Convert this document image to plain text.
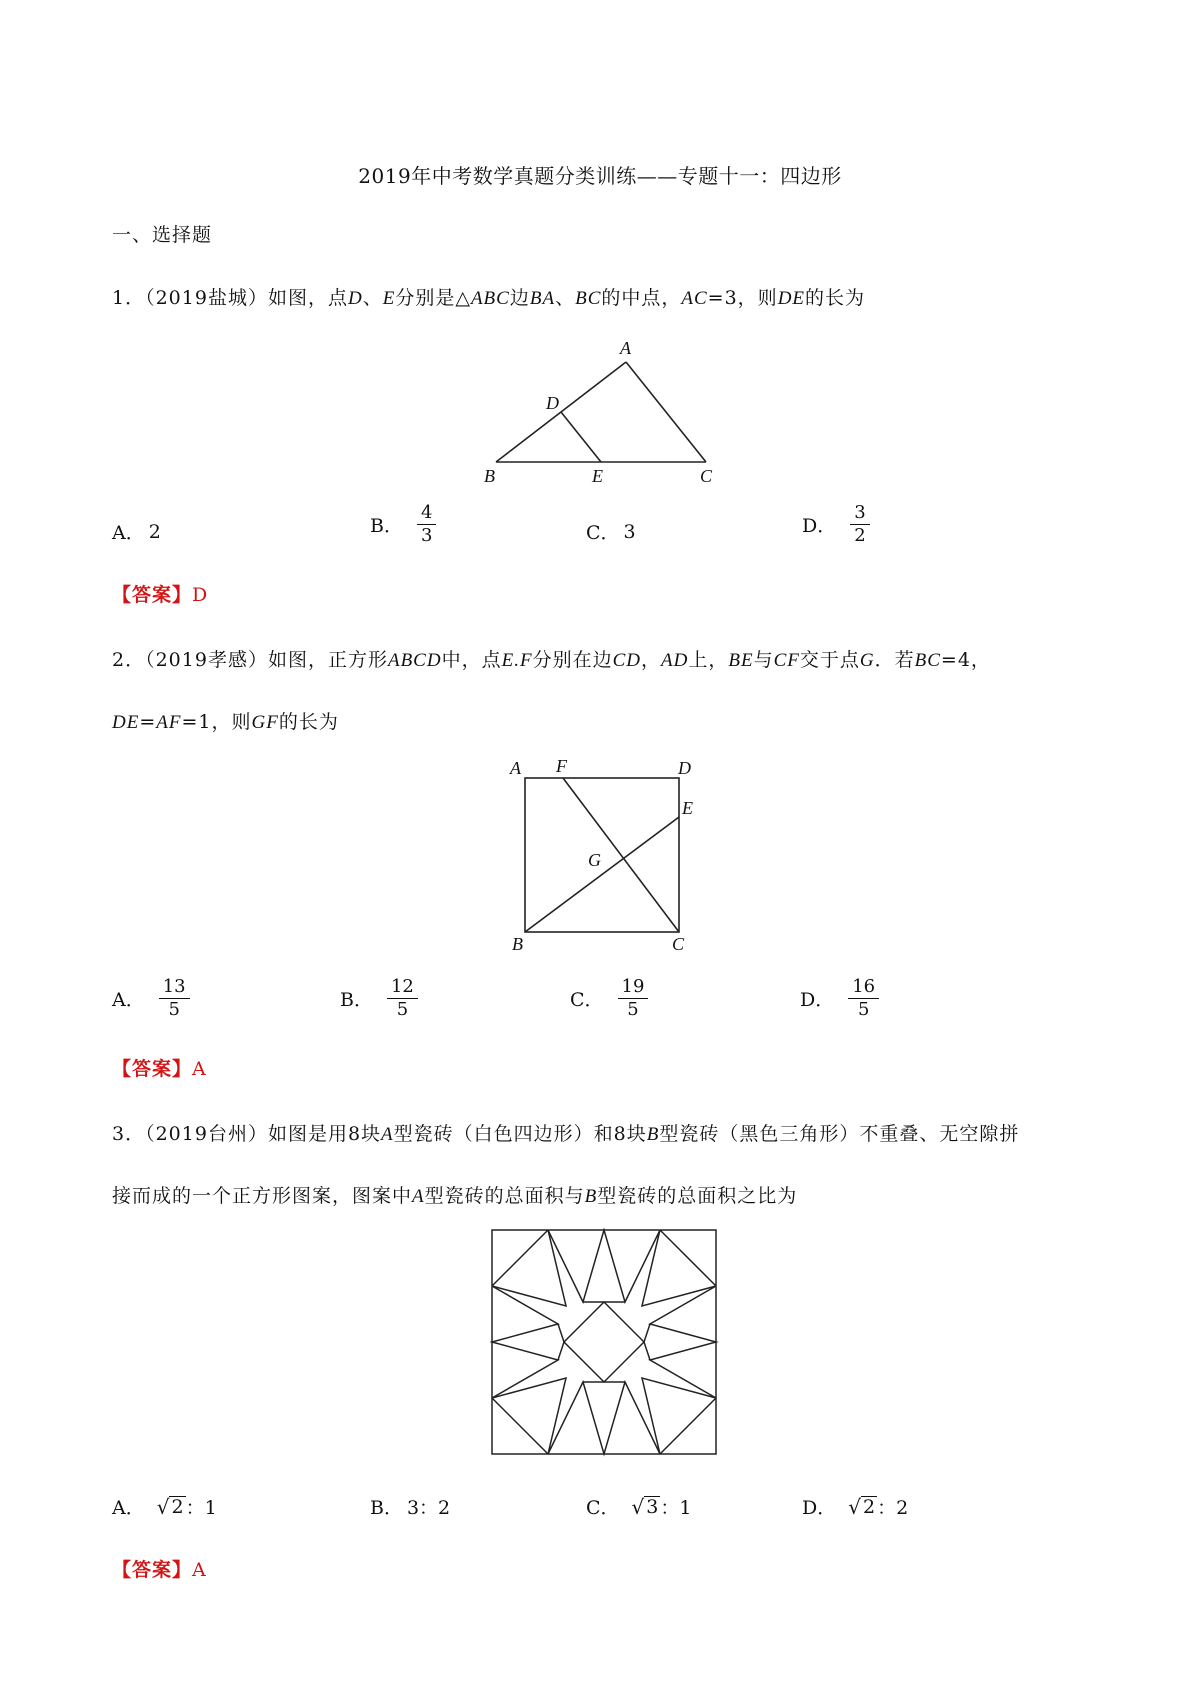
2019年中考数学真题分类训练——专题十一：四边形
一、选择题
1．（2019盐城）如图，点D、E分别是△ABC边BA、BC的中点，AC=3，则DE的长为
A
D
B	E	C
A． 2	B． $\frac{4}{3}$	C． 3	D． $\frac{3}{2}$
【答案】D
2．（2019孝感）如图，正方形ABCD中，点E.F分别在边CD，AD上，BE与CF交于点G．若BC=4，
DE=AF=1，则GF的长为
A F	D
E
G
B	C
A． $\frac{13}{5}$	B． $\frac{12}{5}$	C． $\frac{19}{5}$	D． $\frac{16}{5}$
【答案】A
3．（2019台州）如图是用8块A型瓷砖（白色四边形）和8块B型瓷砖（黑色三角形）不重叠、无空隙拼
接而成的一个正方形图案，图案中A型瓷砖的总面积与B型瓷砖的总面积之比为
A． √ 2 ：1	B． 3：2	C． √ 3 ：1	D． √ 2 ：2
【答案】A
